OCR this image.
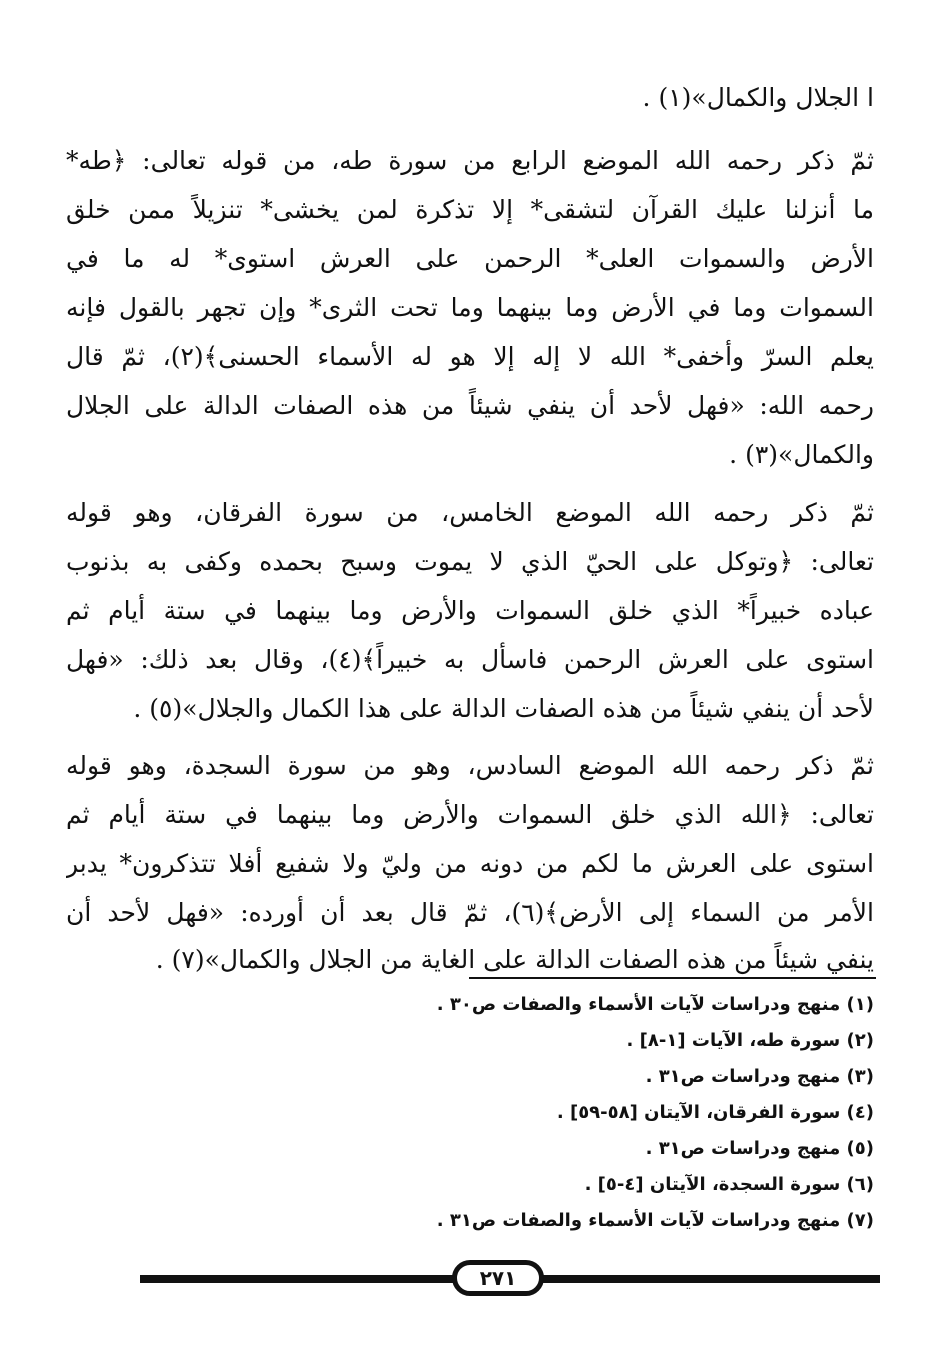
ا الجلال والكمال»(١) .
ثمّ ذكر رحمه الله الموضع الرابع من سورة طه، من قوله تعالى: ﴿طه*
ما أنزلنا عليك القرآن لتشقى* إلا تذكرة لمن يخشى* تنزيلاً ممن خلق
الأرض والسموات العلى* الرحمن على العرش استوى* له ما في
السموات وما في الأرض وما بينهما وما تحت الثرى* وإن تجهر بالقول فإنه
يعلم السرّ وأخفى* الله لا إله إلا هو له الأسماء الحسنى﴾(٢)، ثمّ قال
رحمه الله: «فهل لأحد أن ينفي شيئاً من هذه الصفات الدالة على الجلال
والكمال»(٣) .
ثمّ ذكر رحمه الله الموضع الخامس، من سورة الفرقان، وهو قوله
تعالى: ﴿وتوكل على الحيّ الذي لا يموت وسبح بحمده وكفى به بذنوب
عباده خبيراً* الذي خلق السموات والأرض وما بينهما في ستة أيام ثم
استوى على العرش الرحمن فاسأل به خبيراً﴾(٤)، وقال بعد ذلك: «فهل
لأحد أن ينفي شيئاً من هذه الصفات الدالة على هذا الكمال والجلال»(٥) .
ثمّ ذكر رحمه الله الموضع السادس، وهو من سورة السجدة، وهو قوله
تعالى: ﴿الله الذي خلق السموات والأرض وما بينهما في ستة أيام ثم
استوى على العرش ما لكم من دونه من وليّ ولا شفيع أفلا تتذكرون* يدبر
الأمر من السماء إلى الأرض﴾(٦)، ثمّ قال بعد أن أورده: «فهل لأحد أن
ينفي شيئاً من هذه الصفات الدالة على الغاية من الجلال والكمال»(٧) .
(١) منهج ودراسات لآيات الأسماء والصفات ص٣٠ .
(٢) سورة طه، الآيات [١-٨] .
(٣) منهج ودراسات ص٣١ .
(٤) سورة الفرقان، الآيتان [٥٨-٥٩] .
(٥) منهج ودراسات ص٣١ .
(٦) سورة السجدة، الآيتان [٤-٥] .
(٧) منهج ودراسات لآيات الأسماء والصفات ص٣١ .
٢٧١
